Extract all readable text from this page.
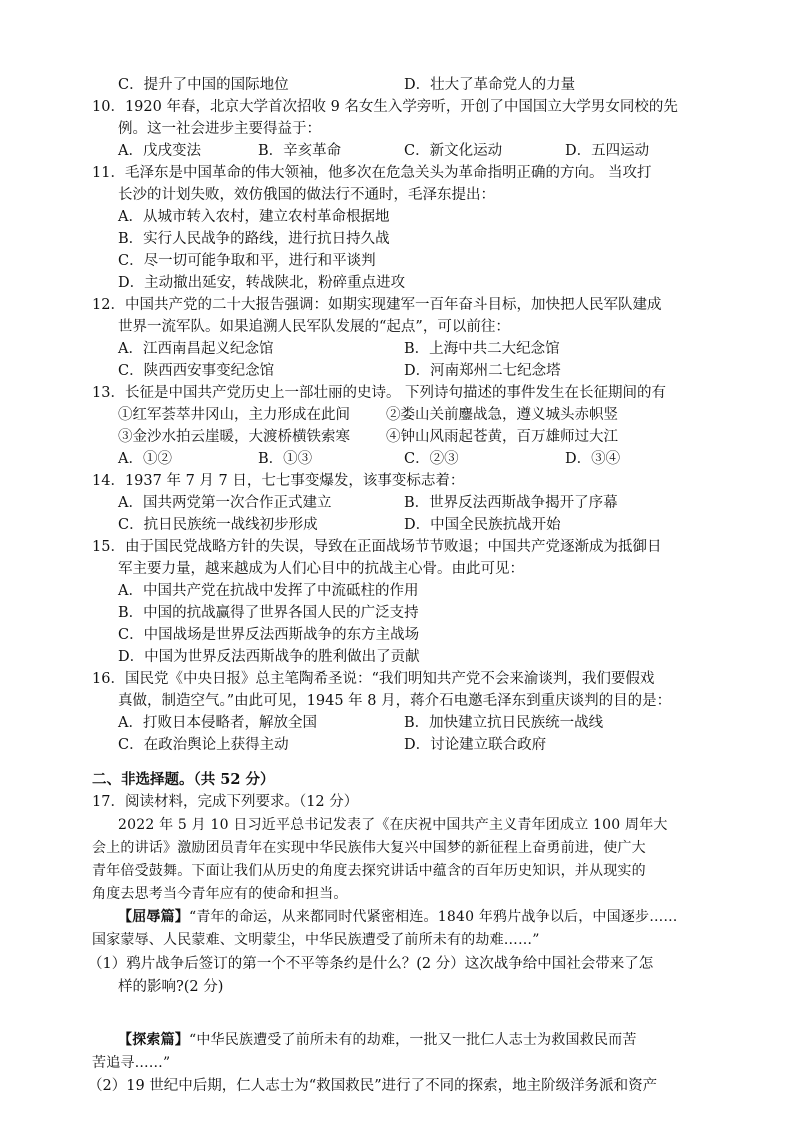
C．提升了中国的国际地位	D．壮大了革命党人的力量
10．1920 年春，北京大学首次招收 9 名女生入学旁听，开创了中国国立大学男女同校的先
例。这一社会进步主要得益于：
A．戊戌变法	B．辛亥革命	C．新文化运动	D．五四运动
11．毛泽东是中国革命的伟大领袖，他多次在危急关头为革命指明正确的方向。 当攻打
长沙的计划失败，效仿俄国的做法行不通时，毛泽东提出：
A．从城市转入农村，建立农村革命根据地
B．实行人民战争的路线，进行抗日持久战
C．尽一切可能争取和平，进行和平谈判
D．主动撤出延安，转战陕北，粉碎重点进攻
12．中国共产党的二十大报告强调：如期实现建军一百年奋斗目标，加快把人民军队建成
世界一流军队。如果追溯人民军队发展的“起点”，可以前往：
A．江西南昌起义纪念馆	B．上海中共二大纪念馆
C．陕西西安事变纪念馆	D．河南郑州二七纪念塔
13．长征是中国共产党历史上一部壮丽的史诗。 下列诗句描述的事件发生在长征期间的有
①红军荟萃井冈山，主力形成在此间 ②娄山关前鏖战急，遵义城头赤帜竖
③金沙水拍云崖暖，大渡桥横铁索寒 ④钟山风雨起苍黄，百万雄师过大江
A．①②	B．①③	C．②③	D．③④
14．1937 年 7 月 7 日，七七事变爆发，该事变标志着：
A．国共两党第一次合作正式建立	B．世界反法西斯战争揭开了序幕
C．抗日民族统一战线初步形成	D．中国全民族抗战开始
15．由于国民党战略方针的失误，导致在正面战场节节败退；中国共产党逐渐成为抵御日
军主要力量，越来越成为人们心目中的抗战主心骨。由此可见：
A．中国共产党在抗战中发挥了中流砥柱的作用
B．中国的抗战赢得了世界各国人民的广泛支持
C．中国战场是世界反法西斯战争的东方主战场
D．中国为世界反法西斯战争的胜利做出了贡献
16．国民党《中央日报》总主笔陶希圣说：“我们明知共产党不会来渝谈判，我们要假戏
真做，制造空气。”由此可见，1945 年 8 月，蒋介石电邀毛泽东到重庆谈判的目的是：
A．打败日本侵略者，解放全国	B．加快建立抗日民族统一战线
C．在政治舆论上获得主动	D．讨论建立联合政府
二、非选择题。（共 52 分）
17．阅读材料，完成下列要求。（12 分）
2022 年 5 月 10 日习近平总书记发表了《在庆祝中国共产主义青年团成立 100 周年大
会上的讲话》激励团员青年在实现中华民族伟大复兴中国梦的新征程上奋勇前进，使广大
青年倍受鼓舞。下面让我们从历史的角度去探究讲话中蕴含的百年历史知识，并从现实的
角度去思考当今青年应有的使命和担当。
【屈辱篇】“青年的命运，从来都同时代紧密相连。1840 年鸦片战争以后，中国逐步……
国家蒙辱、人民蒙难、文明蒙尘，中华民族遭受了前所未有的劫难……”
（1）鸦片战争后签订的第一个不平等条约是什么？(2 分）这次战争给中国社会带来了怎
样的影响?(2 分)
【探索篇】“中华民族遭受了前所未有的劫难，一批又一批仁人志士为救国救民而苦
苦追寻……”
（2）19 世纪中后期，仁人志士为“救国救民”进行了不同的探索，地主阶级洋务派和资产
